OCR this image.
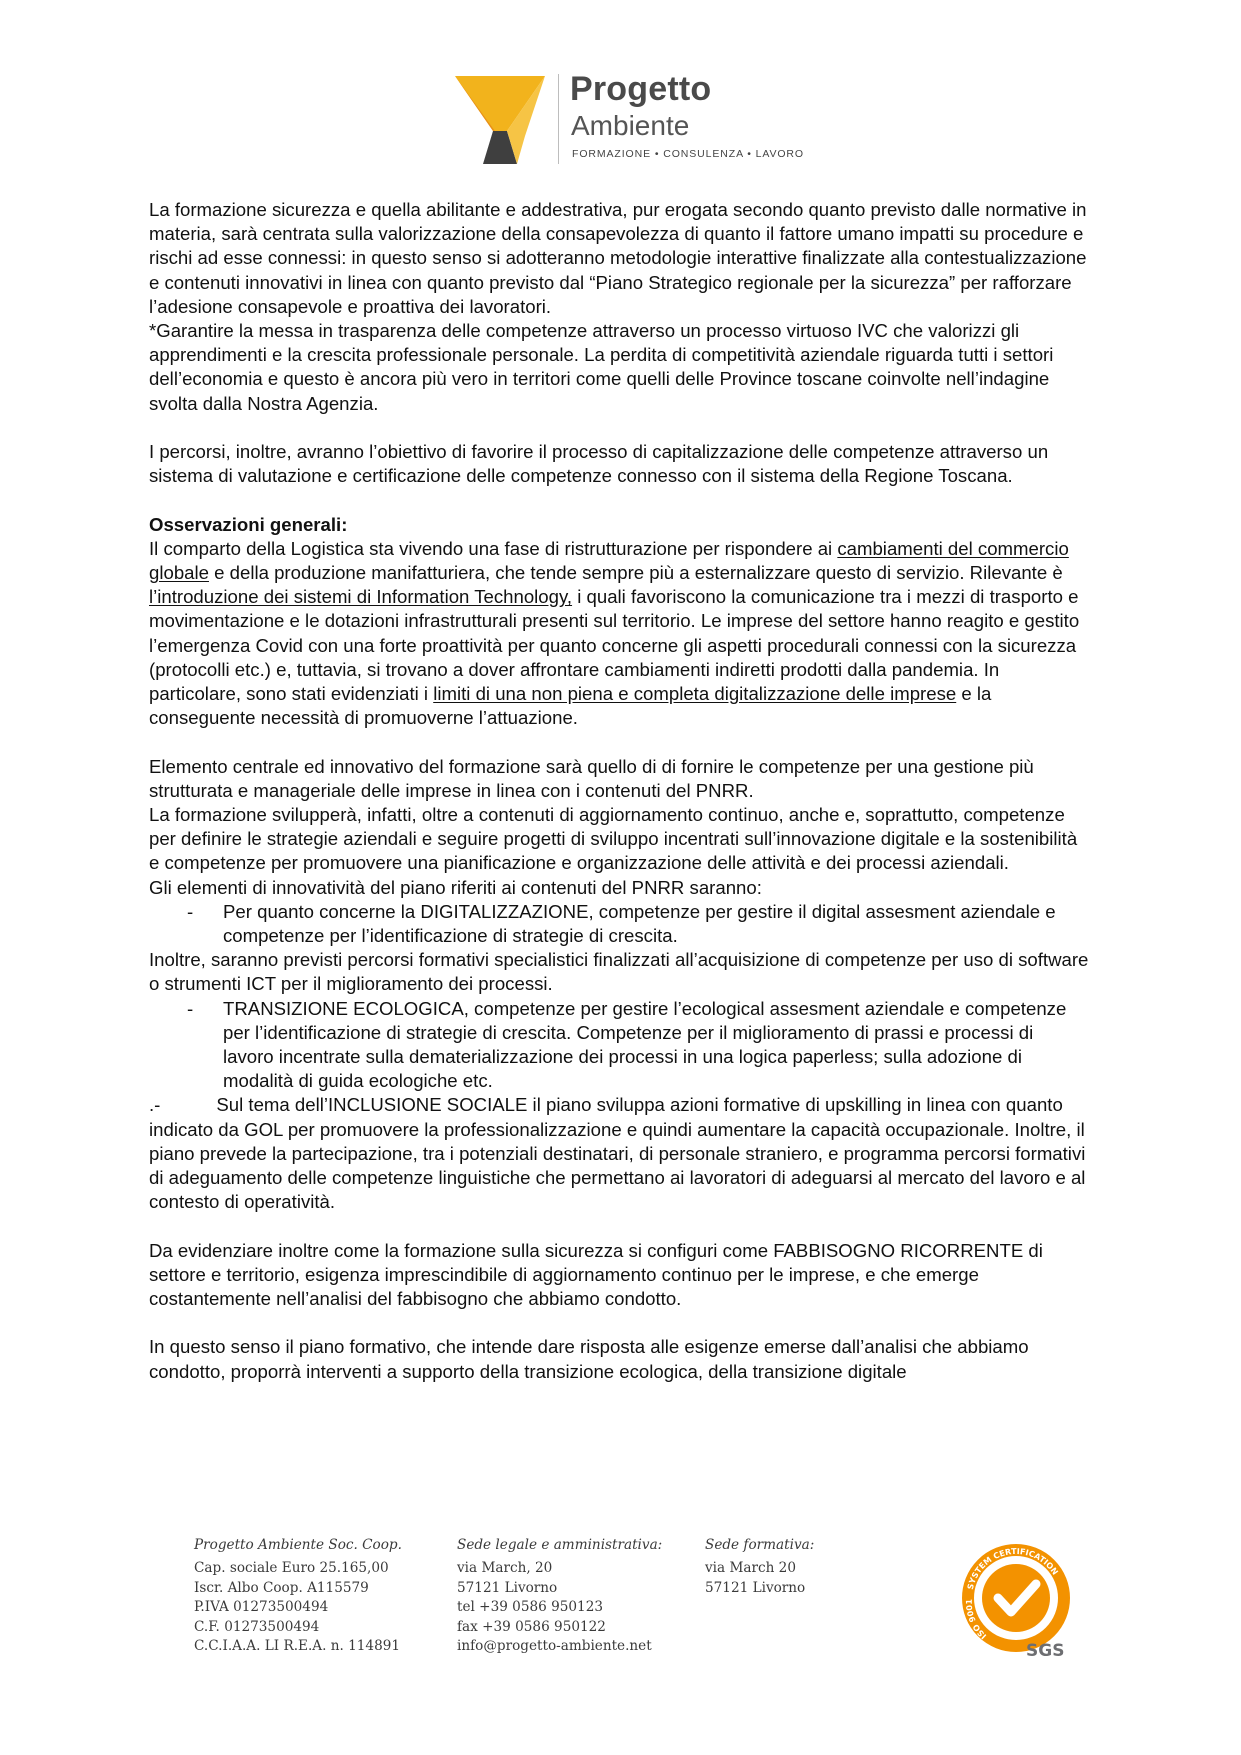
Progetto
Ambiente
FORMAZIONE • CONSULENZA • LAVORO

La formazione sicurezza e quella abilitante e addestrativa, pur erogata secondo quanto previsto dalle normative in materia, sarà centrata sulla valorizzazione della consapevolezza di quanto il fattore umano impatti su procedure e rischi ad esse connessi: in questo senso si adotteranno metodologie interattive finalizzate alla contestualizzazione e contenuti innovativi in linea con quanto previsto dal “Piano Strategico regionale per la sicurezza” per rafforzare l’adesione consapevole e proattiva dei lavoratori.

*Garantire la messa in trasparenza delle competenze attraverso un processo virtuoso IVC che valorizzi gli apprendimenti e la crescita professionale personale. La perdita di competitività aziendale riguarda tutti i settori dell’economia e questo è ancora più vero in territori come quelli delle Province toscane coinvolte nell’indagine svolta dalla Nostra Agenzia.

I percorsi, inoltre, avranno l’obiettivo di favorire il processo di capitalizzazione delle competenze attraverso un sistema di valutazione e certificazione delle competenze connesso con il sistema della Regione Toscana.

Osservazioni generali:

Il comparto della Logistica sta vivendo una fase di ristrutturazione per rispondere ai cambiamenti del commercio globale e della produzione manifatturiera, che tende sempre più a esternalizzare questo di servizio. Rilevante è l’introduzione dei sistemi di Information Technology, i quali favoriscono la comunicazione tra i mezzi di trasporto e movimentazione e le dotazioni infrastrutturali presenti sul territorio. Le imprese del settore hanno reagito e gestito l’emergenza Covid con una forte proattività per quanto concerne gli aspetti procedurali connessi con la sicurezza (protocolli etc.) e, tuttavia, si trovano a dover affrontare cambiamenti indiretti prodotti dalla pandemia. In particolare, sono stati evidenziati i limiti di una non piena e completa digitalizzazione delle imprese e la conseguente necessità di promuoverne l’attuazione.

Elemento centrale ed innovativo del formazione sarà quello di di fornire le competenze per una gestione più strutturata e manageriale delle imprese in linea con i contenuti del PNRR.

La formazione svilupperà, infatti, oltre a contenuti di aggiornamento continuo, anche e, soprattutto, competenze per definire le strategie aziendali e seguire progetti di sviluppo incentrati sull’innovazione digitale e la sostenibilità e competenze per promuovere una pianificazione e organizzazione delle attività e dei processi aziendali.

Gli elementi di innovatività del piano riferiti ai contenuti del PNRR saranno:

- Per quanto concerne la DIGITALIZZAZIONE, competenze per gestire il digital assesment aziendale e competenze per l’identificazione di strategie di crescita.

Inoltre, saranno previsti percorsi formativi specialistici finalizzati all’acquisizione di competenze per uso di software o strumenti ICT per il miglioramento dei processi.

- TRANSIZIONE ECOLOGICA, competenze per gestire l’ecological assesment aziendale e competenze per l’identificazione di strategie di crescita. Competenze per il miglioramento di prassi e processi di lavoro incentrate sulla dematerializzazione dei processi in una logica paperless; sulla adozione di modalità di guida ecologiche etc.

.-	Sul tema dell’INCLUSIONE SOCIALE il piano sviluppa azioni formative di upskilling in linea con quanto indicato da GOL per promuovere la professionalizzazione e quindi aumentare la capacità occupazionale. Inoltre, il piano prevede la partecipazione, tra i potenziali destinatari, di personale straniero, e programma percorsi formativi di adeguamento delle competenze linguistiche che permettano ai lavoratori di adeguarsi al mercato del lavoro e al contesto di operatività.

Da evidenziare inoltre come la formazione sulla sicurezza si configuri come FABBISOGNO RICORRENTE di settore e territorio, esigenza imprescindibile di aggiornamento continuo per le imprese, e che emerge costantemente nell’analisi del fabbisogno che abbiamo condotto.

In questo senso il piano formativo, che intende dare risposta alle esigenze emerse dall’analisi che abbiamo condotto, proporrà interventi a supporto della transizione ecologica, della transizione digitale

Progetto Ambiente Soc. Coop.
Cap. sociale Euro 25.165,00
Iscr. Albo Coop. A115579
P.IVA 01273500494
C.F. 01273500494
C.C.I.A.A. LI R.E.A. n. 114891
Sede legale e amministrativa:
via March, 20
57121 Livorno
tel +39 0586 950123
fax +39 0586 950122
info@progetto-ambiente.net
Sede formativa:
via March 20
57121 Livorno	SYSTEM CERTIFICATION
ISO 9001
SGS
